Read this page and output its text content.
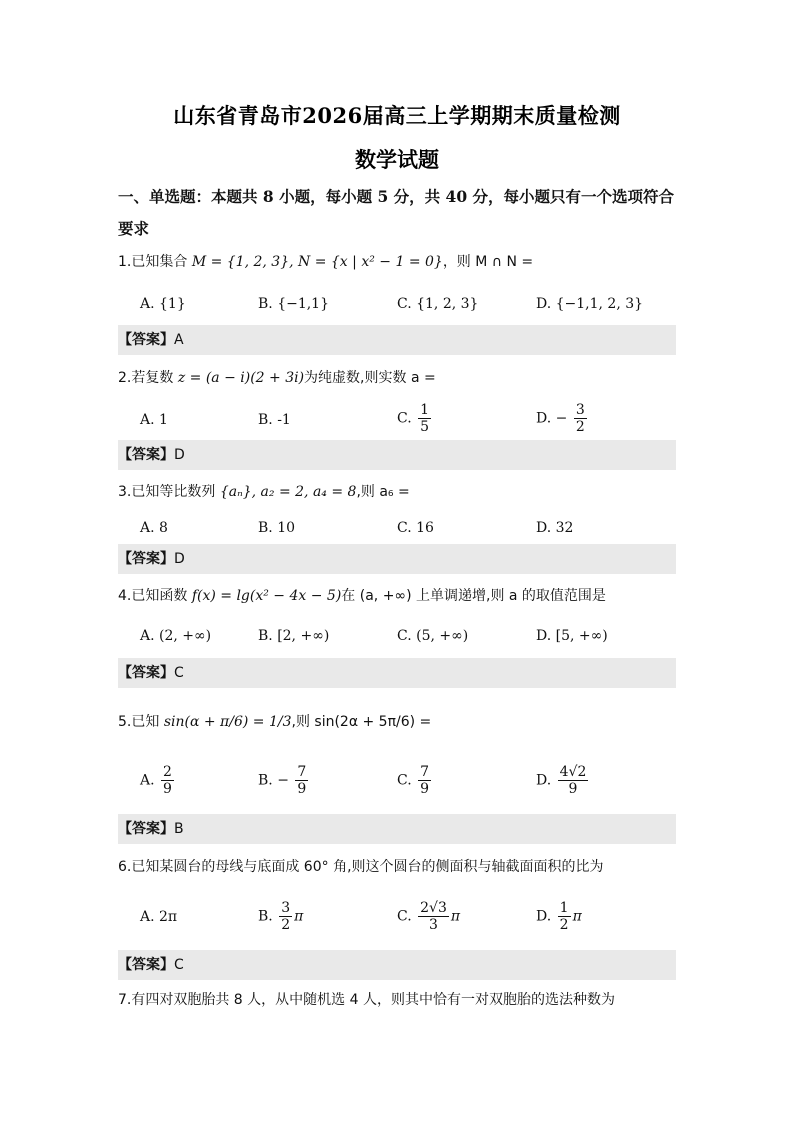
山东省青岛市2026届高三上学期期末质量检测
数学试题
一、单选题：本题共 8 小题，每小题 5 分，共 40 分，每小题只有一个选项符合要求
1.已知集合 M = {1, 2, 3}, N = {x | x² − 1 = 0}，则 M ∩ N =
A. {1}	B. {−1,1}	C. {1, 2, 3}	D. {−1,1, 2, 3}
【答案】A
2.若复数 z = (a − i)(2 + 3i)为纯虚数,则实数 a =
A. 1	B. -1	C. $\frac{1}{5}$	D. − $\frac{3}{2}$
【答案】D
3.已知等比数列 {aₙ}, a₂ = 2, a₄ = 8,则 a₆ =
A. 8	B. 10	C. 16	D. 32
【答案】D
4.已知函数 f(x) = lg(x² − 4x − 5)在 (a, +∞) 上单调递增,则 a 的取值范围是
A. (2, +∞)	B. [2, +∞)	C. (5, +∞)	D. [5, +∞)
【答案】C
5.已知 sin(α + π/6) = 1/3,则 sin(2α + 5π/6) =
A. $\frac{2}{9}$	B. − $\frac{7}{9}$	C. $\frac{7}{9}$	D. $\frac{4√2}{9}$
【答案】B
6.已知某圆台的母线与底面成 60° 角,则这个圆台的侧面积与轴截面面积的比为
A. 2π	B. $\frac{3}{2}$ π	C. $\frac{2√3}{3}$ π	D. $\frac{1}{2}$ π
【答案】C
7.有四对双胞胎共 8 人，从中随机选 4 人，则其中恰有一对双胞胎的选法种数为
